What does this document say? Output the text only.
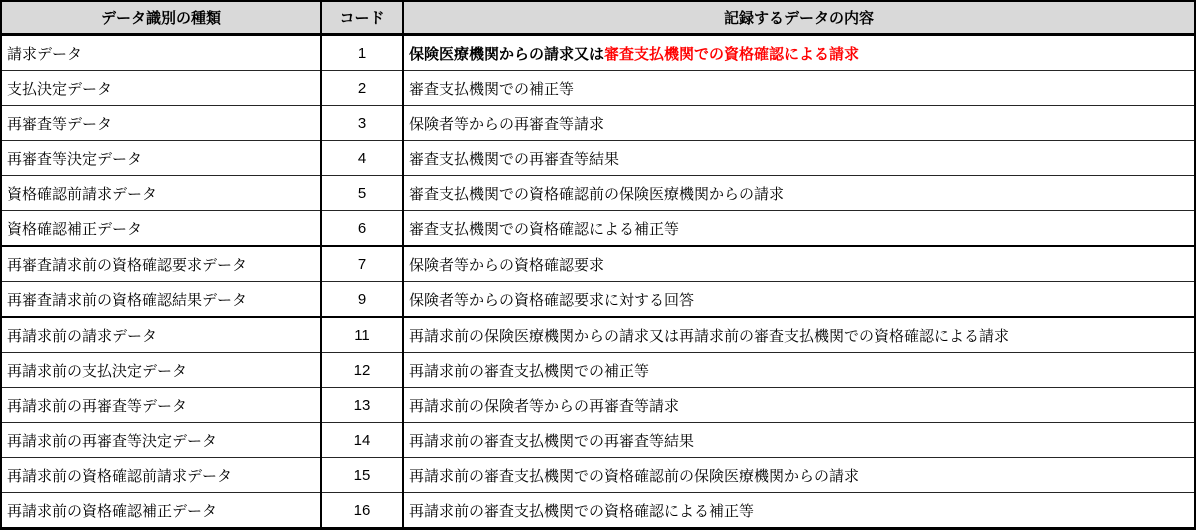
データ識別の種類	コード	記録するデータの内容
請求データ	1	保険医療機関からの請求又は審査支払機関での資格確認による請求
支払決定データ	2	審査支払機関での補正等
再審査等データ	3	保険者等からの再審査等請求
再審査等決定データ	4	審査支払機関での再審査等結果
資格確認前請求データ	5	審査支払機関での資格確認前の保険医療機関からの請求
資格確認補正データ	6	審査支払機関での資格確認による補正等
再審査請求前の資格確認要求データ	7	保険者等からの資格確認要求
再審査請求前の資格確認結果データ	9	保険者等からの資格確認要求に対する回答
再請求前の請求データ	11	再請求前の保険医療機関からの請求又は再請求前の審査支払機関での資格確認による請求
再請求前の支払決定データ	12	再請求前の審査支払機関での補正等
再請求前の再審査等データ	13	再請求前の保険者等からの再審査等請求
再請求前の再審査等決定データ	14	再請求前の審査支払機関での再審査等結果
再請求前の資格確認前請求データ	15	再請求前の審査支払機関での資格確認前の保険医療機関からの請求
再請求前の資格確認補正データ	16	再請求前の審査支払機関での資格確認による補正等
